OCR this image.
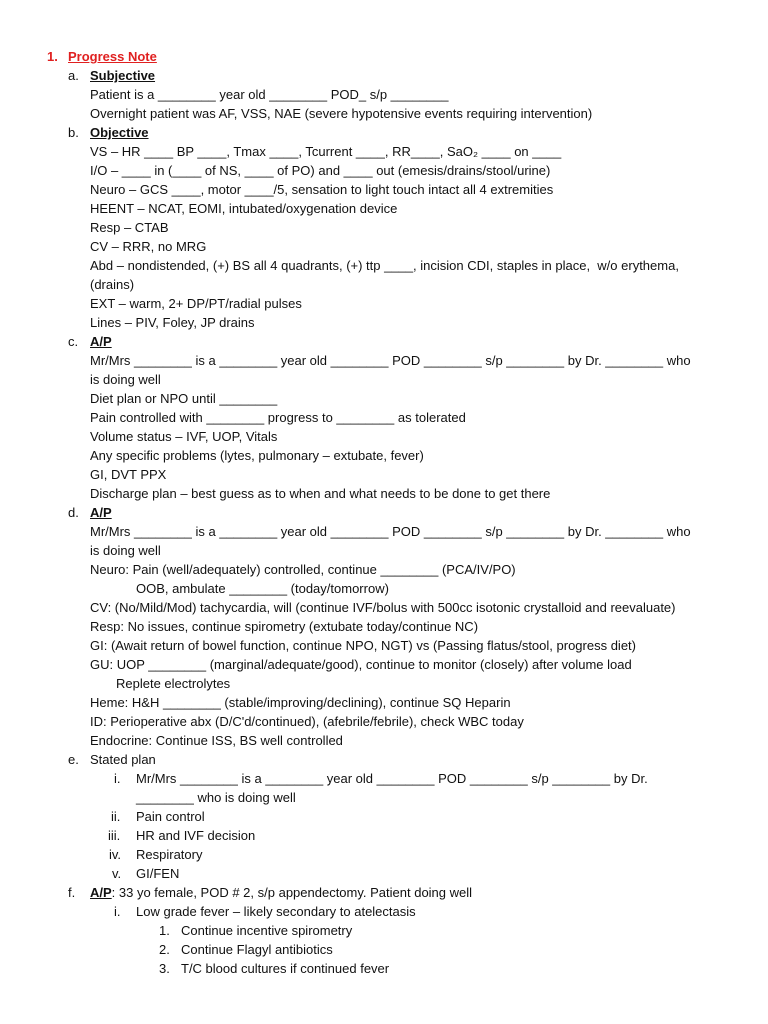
1. Progress Note
a. Subjective
Patient is a ________ year old ________ POD_ s/p ________
Overnight patient was AF, VSS, NAE (severe hypotensive events requiring intervention)
b. Objective
VS – HR ____ BP ____, Tmax ____, Tcurrent ____, RR____, SaO₂ ____ on ____
I/O – ____ in (____ of NS, ____ of PO) and ____ out (emesis/drains/stool/urine)
Neuro – GCS ____, motor ____/5, sensation to light touch intact all 4 extremities
HEENT – NCAT, EOMI, intubated/oxygenation device
Resp – CTAB
CV – RRR, no MRG
Abd – nondistended, (+) BS all 4 quadrants, (+) ttp ____, incision CDI, staples in place,  w/o erythema,
(drains)
EXT – warm, 2+ DP/PT/radial pulses
Lines – PIV, Foley, JP drains
c. A/P
Mr/Mrs ________ is a ________ year old ________ POD ________ s/p ________ by Dr. ________ who
is doing well
Diet plan or NPO until ________
Pain controlled with ________ progress to ________ as tolerated
Volume status – IVF, UOP, Vitals
Any specific problems (lytes, pulmonary – extubate, fever)
GI, DVT PPX
Discharge plan – best guess as to when and what needs to be done to get there
d. A/P
Mr/Mrs ________ is a ________ year old ________ POD ________ s/p ________ by Dr. ________ who
is doing well
Neuro: Pain (well/adequately) controlled, continue ________ (PCA/IV/PO)
OOB, ambulate ________ (today/tomorrow)
CV: (No/Mild/Mod) tachycardia, will (continue IVF/bolus with 500cc isotonic crystalloid and reevaluate)
Resp: No issues, continue spirometry (extubate today/continue NC)
GI: (Await return of bowel function, continue NPO, NGT) vs (Passing flatus/stool, progress diet)
GU: UOP ________ (marginal/adequate/good), continue to monitor (closely) after volume load
Replete electrolytes
Heme: H&H ________ (stable/improving/declining), continue SQ Heparin
ID: Perioperative abx (D/C'd/continued), (afebrile/febrile), check WBC today
Endocrine: Continue ISS, BS well controlled
e. Stated plan
i. Mr/Mrs ________ is a ________ year old ________ POD ________ s/p ________ by Dr.
________ who is doing well
ii. Pain control
iii. HR and IVF decision
iv. Respiratory
v. GI/FEN
f. A/P: 33 yo female, POD # 2, s/p appendectomy. Patient doing well
i. Low grade fever – likely secondary to atelectasis
1. Continue incentive spirometry
2. Continue Flagyl antibiotics
3. T/C blood cultures if continued fever
